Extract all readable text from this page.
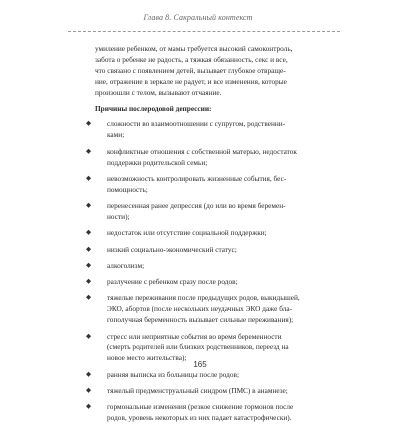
Глава 8. Сакральный контекст
умиление ребенком, от мамы требуется высокий самоконтроль,
забота о ребенке не радость, а тяжкая обязанность, секс и все,
что связано с появлением детей, вызывает глубокое отвраще-
ние, отражение в зеркале не радует, и все изменения, которые
произошли с телом, вызывают отчаяние.
Причины послеродовой депрессии:
◆ сложности во взаимоотношении с супругом, родственни-
ками;
◆ конфликтные отношения с собственной матерью, недостаток
поддержки родительской семьи;
◆ невозможность контролировать жизненные события, бес-
помощность;
◆ перенесенная ранее депрессия (до или во время беремен-
ности);
◆ недостаток или отсутствие социальной поддержки;
◆ низкий социально-экономический статус;
◆ алкоголизм;
◆ разлучение с ребенком сразу после родов;
◆ тяжелые переживания после предыдущих родов, выкидышей,
ЭКО, абортов (после нескольких неудачных ЭКО даже бла-
гополучная беременность вызывает сильные переживания);
◆ стресс или неприятные события во время беременности
(смерть родителей или близких родственников, переезд на
новое место жительства);
◆ ранняя выписка из больницы после родов;
◆ тяжелый предменструальный синдром (ПМС) в анамнезе;
◆ гормональные изменения (резкое снижение гормонов после
родов, уровень некоторых из них падает катастрофически).
165
